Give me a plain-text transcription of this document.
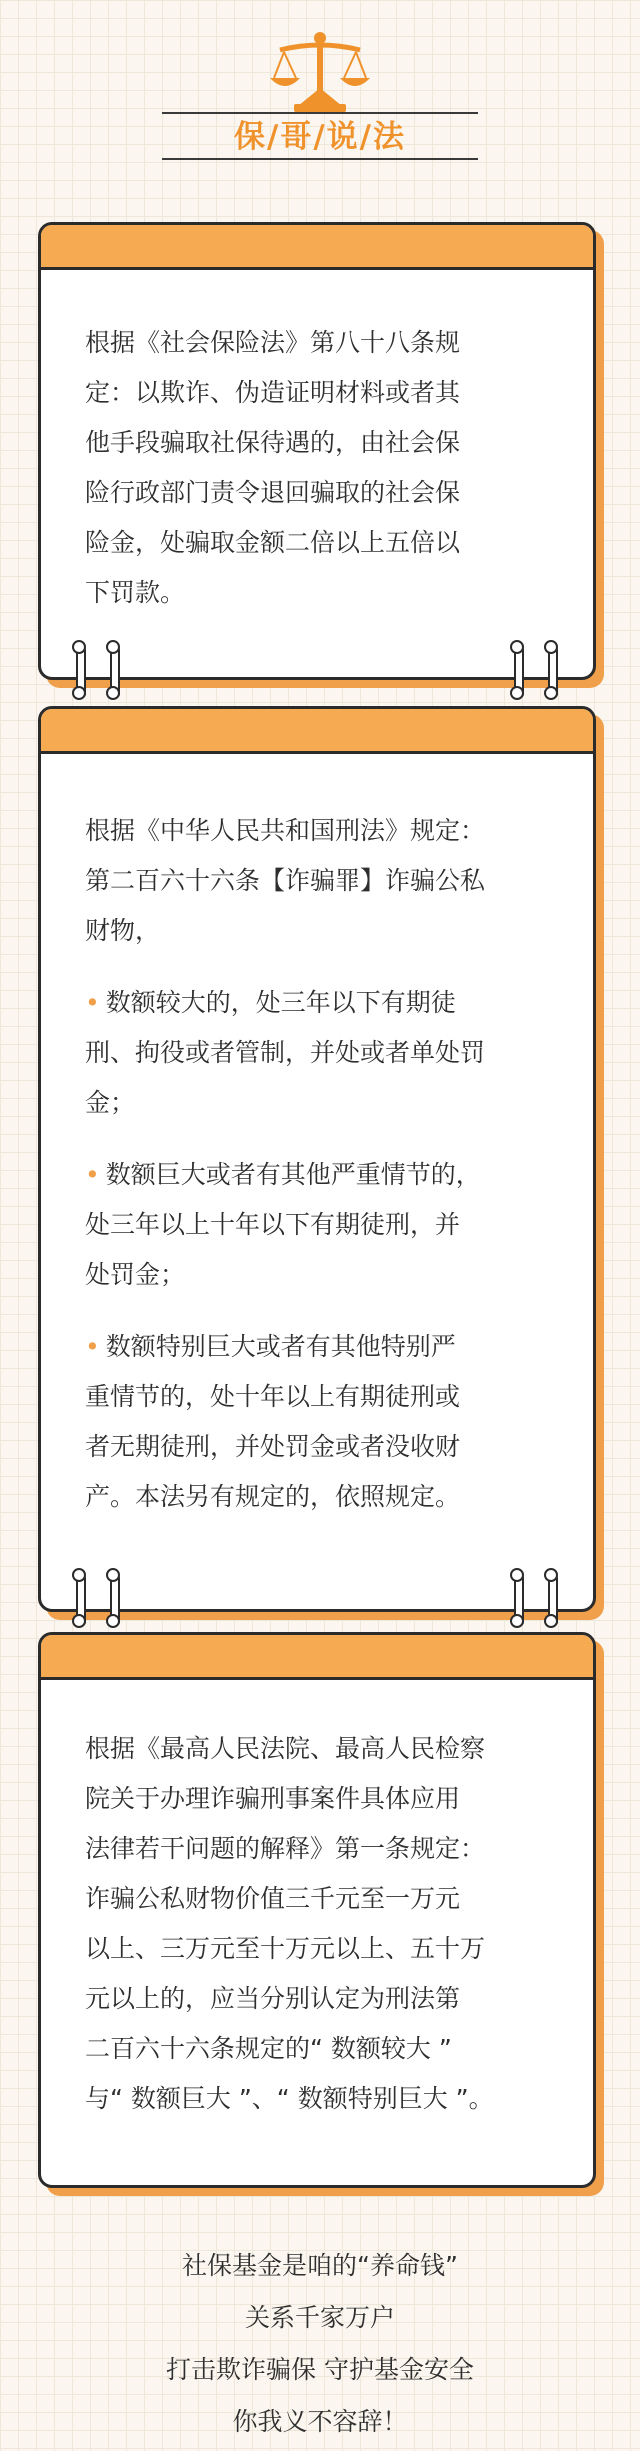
保/哥/说/法

根据《社会保险法》第八十八条规

定：以欺诈、伪造证明材料或者其

他手段骗取社保待遇的，由社会保

险行政部门责令退回骗取的社会保

险金，处骗取金额二倍以上五倍以

下罚款。

根据《中华人民共和国刑法》规定：

第二百六十六条【诈骗罪】诈骗公私

财物，

• 数额较大的，处三年以下有期徒

刑、拘役或者管制，并处或者单处罚

金；

• 数额巨大或者有其他严重情节的，

处三年以上十年以下有期徒刑，并

处罚金；

• 数额特别巨大或者有其他特别严

重情节的，处十年以上有期徒刑或

者无期徒刑，并处罚金或者没收财

产。本法另有规定的，依照规定。

根据《最高人民法院、最高人民检察

院关于办理诈骗刑事案件具体应用

法律若干问题的解释》第一条规定：

诈骗公私财物价值三千元至一万元

以上、三万元至十万元以上、五十万

元以上的，应当分别认定为刑法第

二百六十六条规定的“ 数额较大 ”

与“ 数额巨大 ”、“ 数额特别巨大 ”。

社保基金是咱的“养命钱”
关系千家万户
打击欺诈骗保 守护基金安全
你我义不容辞！
